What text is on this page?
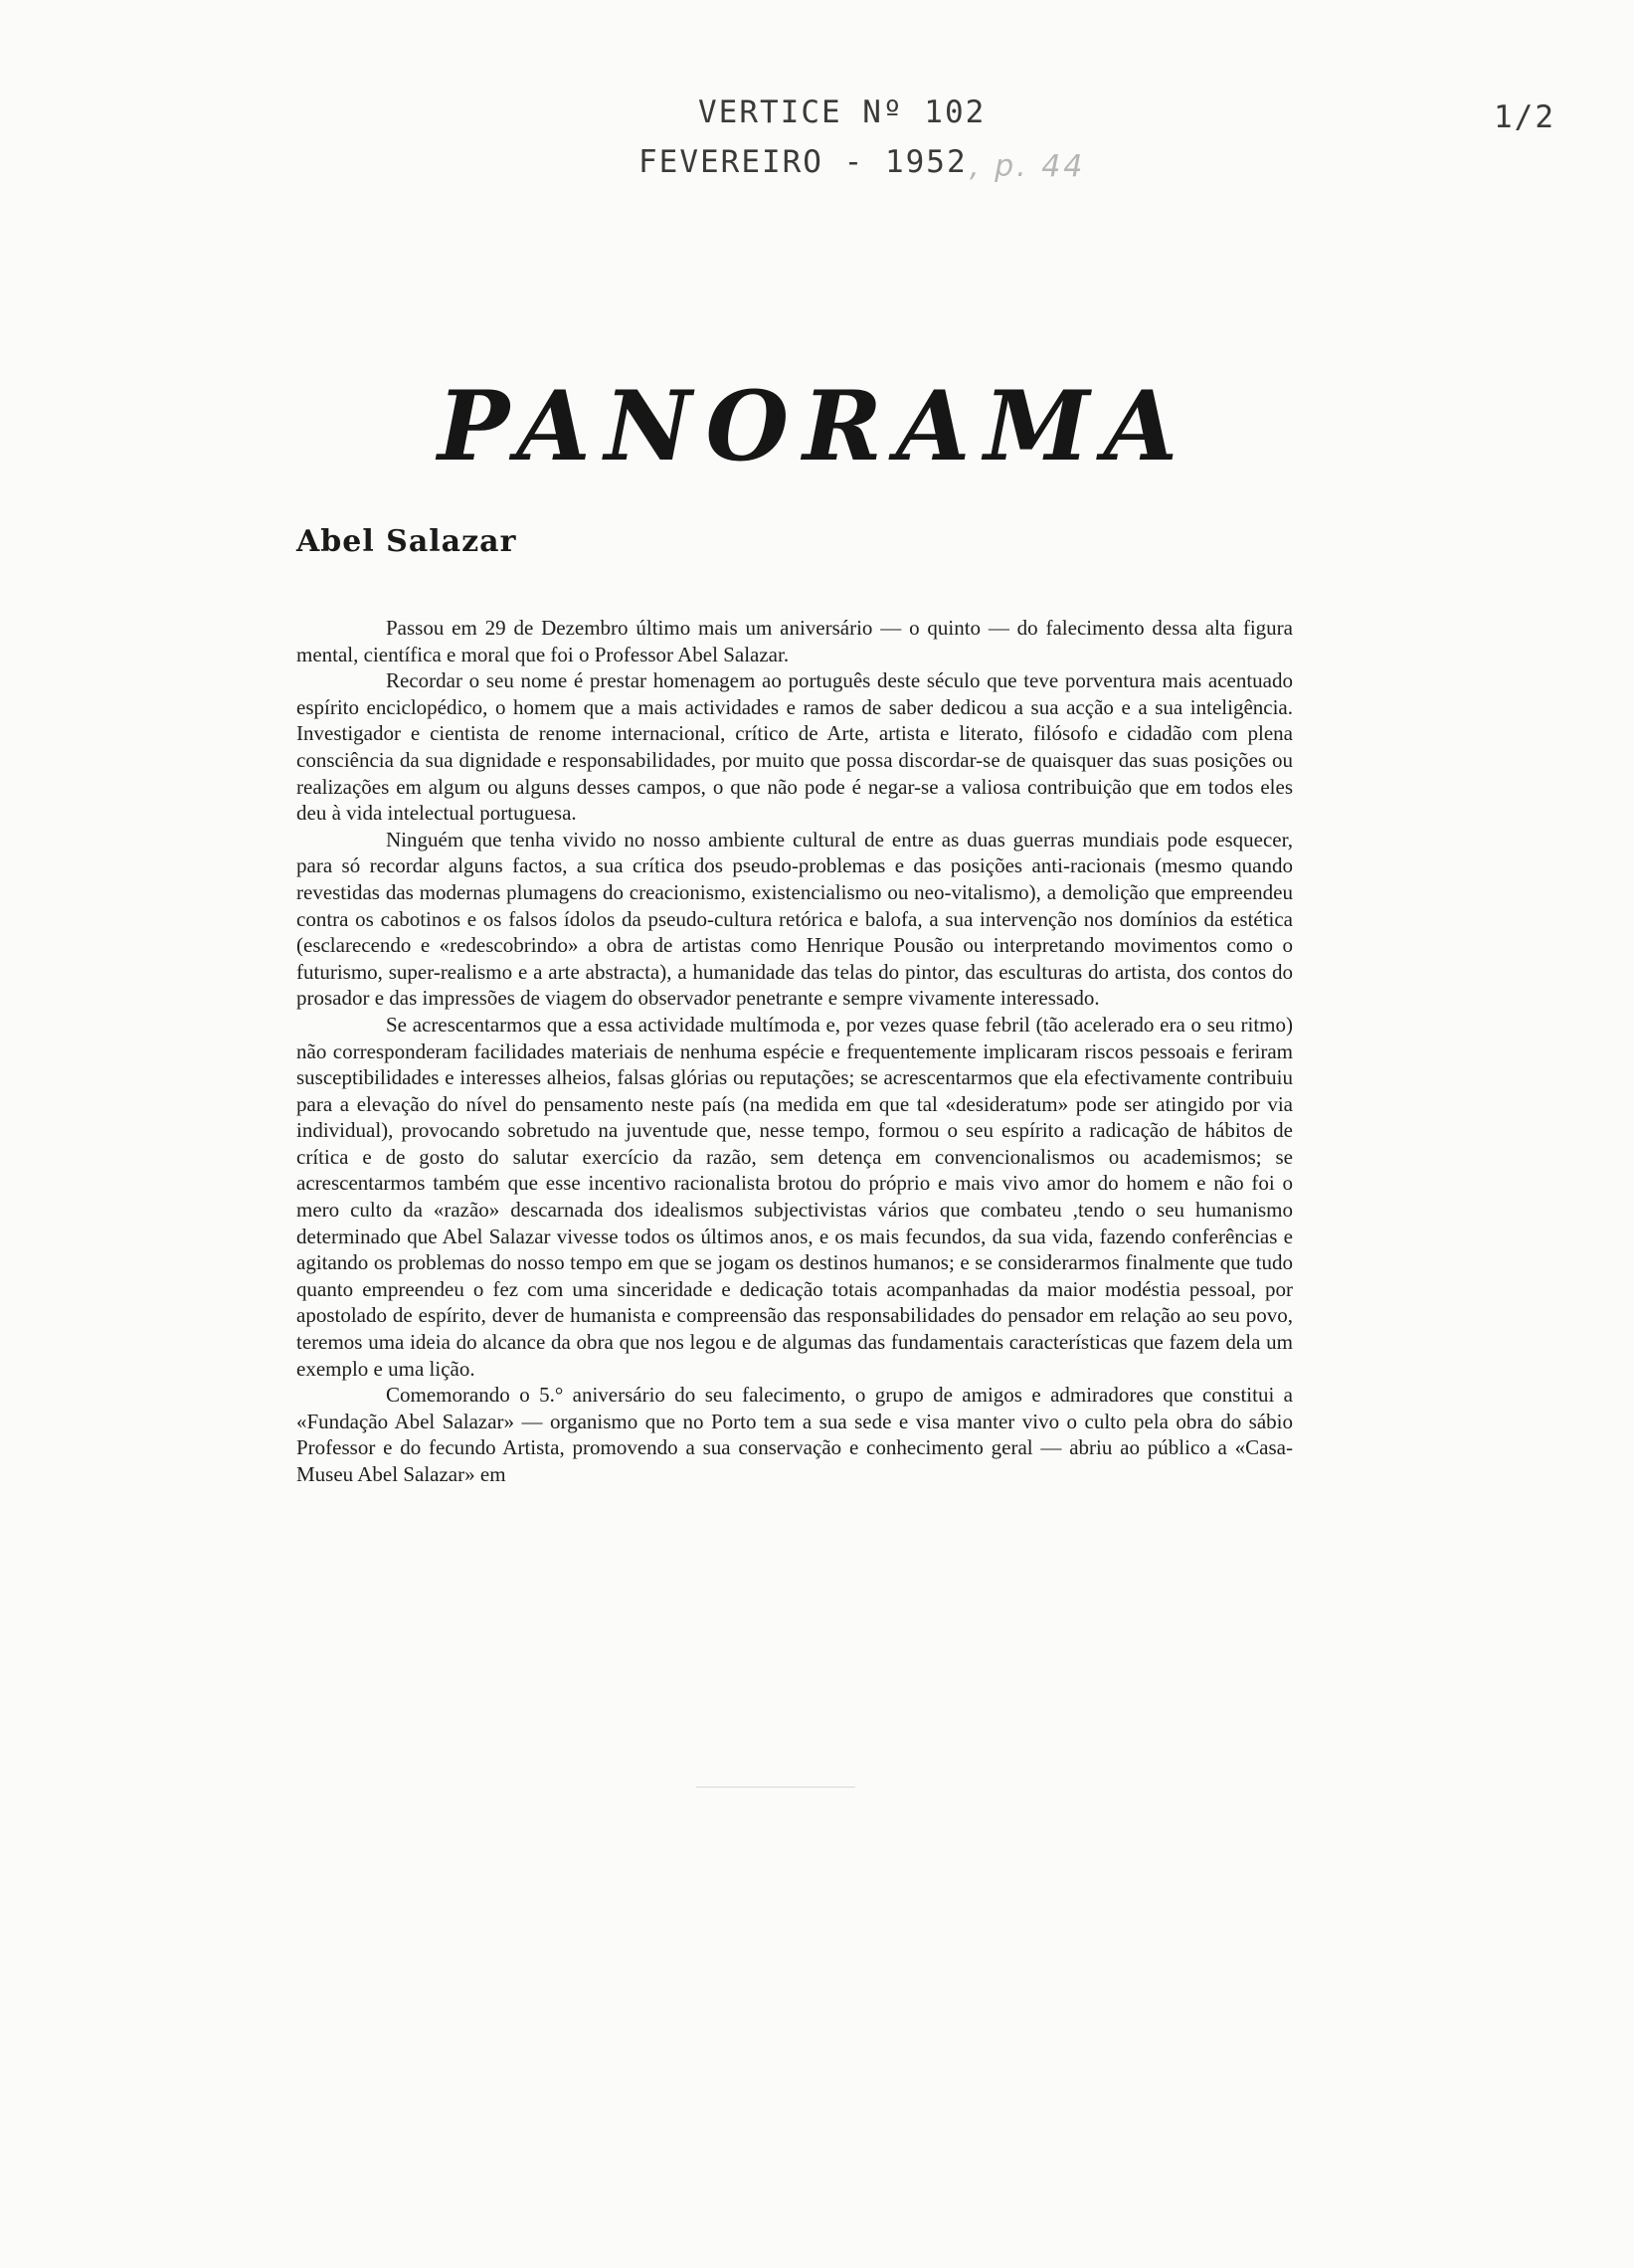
VERTICE Nº 102
FEVEREIRO - 1952
1/2
, p. 44
PANORAMA
Abel Salazar

Passou em 29 de Dezembro último mais um aniversário — o quinto — do falecimento dessa alta figura mental, científica e moral que foi o Professor Abel Salazar.

Recordar o seu nome é prestar homenagem ao português deste século que teve porventura mais acentuado espírito enciclopédico, o homem que a mais actividades e ramos de saber dedicou a sua acção e a sua inteligência. Investigador e cientista de renome internacional, crítico de Arte, artista e literato, filósofo e cidadão com plena consciência da sua dignidade e responsabilidades, por muito que possa discordar-se de quaisquer das suas posições ou realizações em algum ou alguns desses campos, o que não pode é negar-se a valiosa contribuição que em todos eles deu à vida intelectual portuguesa.

Ninguém que tenha vivido no nosso ambiente cultural de entre as duas guerras mundiais pode esquecer, para só recordar alguns factos, a sua crítica dos pseudo-problemas e das posições anti-racionais (mesmo quando revestidas das modernas plumagens do creacionismo, existencialismo ou neo-vitalismo), a demolição que empreendeu contra os cabotinos e os falsos ídolos da pseudo-cultura retórica e balofa, a sua intervenção nos domínios da estética (esclarecendo e «redescobrindo» a obra de artistas como Henrique Pousão ou interpretando movimentos como o futurismo, super-realismo e a arte abstracta), a humanidade das telas do pintor, das esculturas do artista, dos contos do prosador e das impressões de viagem do observador penetrante e sempre vivamente interessado.

Se acrescentarmos que a essa actividade multímoda e, por vezes quase febril (tão acelerado era o seu ritmo) não corresponderam facilidades materiais de nenhuma espécie e frequentemente implicaram riscos pessoais e feriram susceptibilidades e interesses alheios, falsas glórias ou reputações; se acrescentarmos que ela efectivamente contribuiu para a elevação do nível do pensamento neste país (na medida em que tal «desideratum» pode ser atingido por via individual), provocando sobretudo na juventude que, nesse tempo, formou o seu espírito a radicação de hábitos de crítica e de gosto do salutar exercício da razão, sem detença em convencionalismos ou academismos; se acrescentarmos também que esse incentivo racionalista brotou do próprio e mais vivo amor do homem e não foi o mero culto da «razão» descarnada dos idealismos subjectivistas vários que combateu ,tendo o seu humanismo determinado que Abel Salazar vivesse todos os últimos anos, e os mais fecundos, da sua vida, fazendo conferências e agitando os problemas do nosso tempo em que se jogam os destinos humanos; e se considerarmos finalmente que tudo quanto empreendeu o fez com uma sinceridade e dedicação totais acompanhadas da maior modéstia pessoal, por apostolado de espírito, dever de humanista e compreensão das responsabilidades do pensador em relação ao seu povo, teremos uma ideia do alcance da obra que nos legou e de algumas das fundamentais características que fazem dela um exemplo e uma lição.

Comemorando o 5.° aniversário do seu falecimento, o grupo de amigos e admiradores que constitui a «Fundação Abel Salazar» — organismo que no Porto tem a sua sede e visa manter vivo o culto pela obra do sábio Professor e do fecundo Artista, promovendo a sua conservação e conhecimento geral — abriu ao público a «Casa-Museu Abel Salazar» em
